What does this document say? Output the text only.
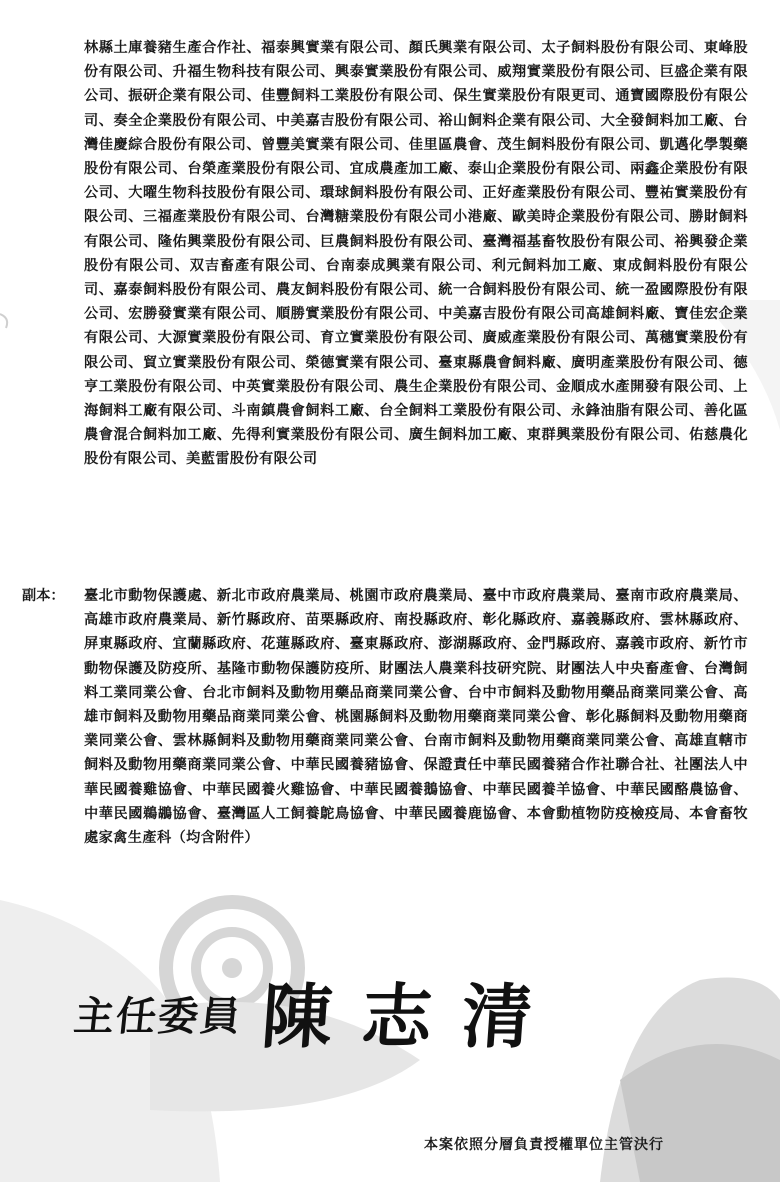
林縣土庫養豬生產合作社、福泰興實業有限公司、顏氏興業有限公司、太子飼料股份有限公司、東峰股份有限公司、升福生物科技有限公司、興泰實業股份有限公司、威翔實業股份有限公司、巨盛企業有限公司、振研企業有限公司、佳豐飼料工業股份有限公司、保生實業股份有限更司、通寶國際股份有限公司、奏全企業股份有限公司、中美嘉吉股份有限公司、裕山飼料企業有限公司、大全發飼料加工廠、台灣佳慶綜合股份有限公司、曾豐美實業有限公司、佳里區農會、茂生飼料股份有限公司、凱邁化學製藥股份有限公司、台榮產業股份有限公司、宜成農產加工廠、泰山企業股份有限公司、兩鑫企業股份有限公司、大曜生物科技股份有限公司、環球飼料股份有限公司、正好產業股份有限公司、豐祐實業股份有限公司、三福產業股份有限公司、台灣糖業股份有限公司小港廠、歐美時企業股份有限公司、勝財飼料有限公司、隆佑興業股份有限公司、巨農飼料股份有限公司、臺灣福基畜牧股份有限公司、裕興發企業股份有限公司、双吉畜產有限公司、台南泰成興業有限公司、利元飼料加工廠、東成飼料股份有限公司、嘉泰飼料股份有限公司、農友飼料股份有限公司、統一合飼料股份有限公司、統一盈國際股份有限公司、宏勝發實業有限公司、順勝實業股份有限公司、中美嘉吉股份有限公司高雄飼料廠、寶佳宏企業有限公司、大源實業股份有限公司、育立實業股份有限公司、廣威產業股份有限公司、萬穗實業股份有限公司、貿立實業股份有限公司、榮德實業有限公司、臺東縣農會飼料廠、廣明產業股份有限公司、德亨工業股份有限公司、中英實業股份有限公司、農生企業股份有限公司、金順成水產開發有限公司、上海飼料工廠有限公司、斗南鎮農會飼料工廠、台全飼料工業股份有限公司、永鋒油脂有限公司、善化區農會混合飼料加工廠、先得利實業股份有限公司、廣生飼料加工廠、東群興業股份有限公司、佑慈農化股份有限公司、美藍雷股份有限公司
副本： 臺北市動物保護處、新北市政府農業局、桃園市政府農業局、臺中市政府農業局、臺南市政府農業局、高雄市政府農業局、新竹縣政府、苗栗縣政府、南投縣政府、彰化縣政府、嘉義縣政府、雲林縣政府、屏東縣政府、宜蘭縣政府、花蓮縣政府、臺東縣政府、澎湖縣政府、金門縣政府、嘉義市政府、新竹市動物保護及防疫所、基隆市動物保護防疫所、財團法人農業科技研究院、財團法人中央畜產會、台灣飼料工業同業公會、台北市飼料及動物用藥品商業同業公會、台中市飼料及動物用藥品商業同業公會、高雄市飼料及動物用藥品商業同業公會、桃園縣飼料及動物用藥商業同業公會、彰化縣飼料及動物用藥商業同業公會、雲林縣飼料及動物用藥商業同業公會、台南市飼料及動物用藥商業同業公會、高雄直轄市飼料及動物用藥商業同業公會、中華民國養豬協會、保證責任中華民國養豬合作社聯合社、社團法人中華民國養雞協會、中華民國養火雞協會、中華民國養鵝協會、中華民國養羊協會、中華民國酪農協會、中華民國鵜鶘協會、臺灣區人工飼養鴕鳥協會、中華民國養鹿協會、本會動植物防疫檢疫局、本會畜牧處家禽生產科（均含附件）
主任委員 陳志清
本案依照分層負責授權單位主管決行
